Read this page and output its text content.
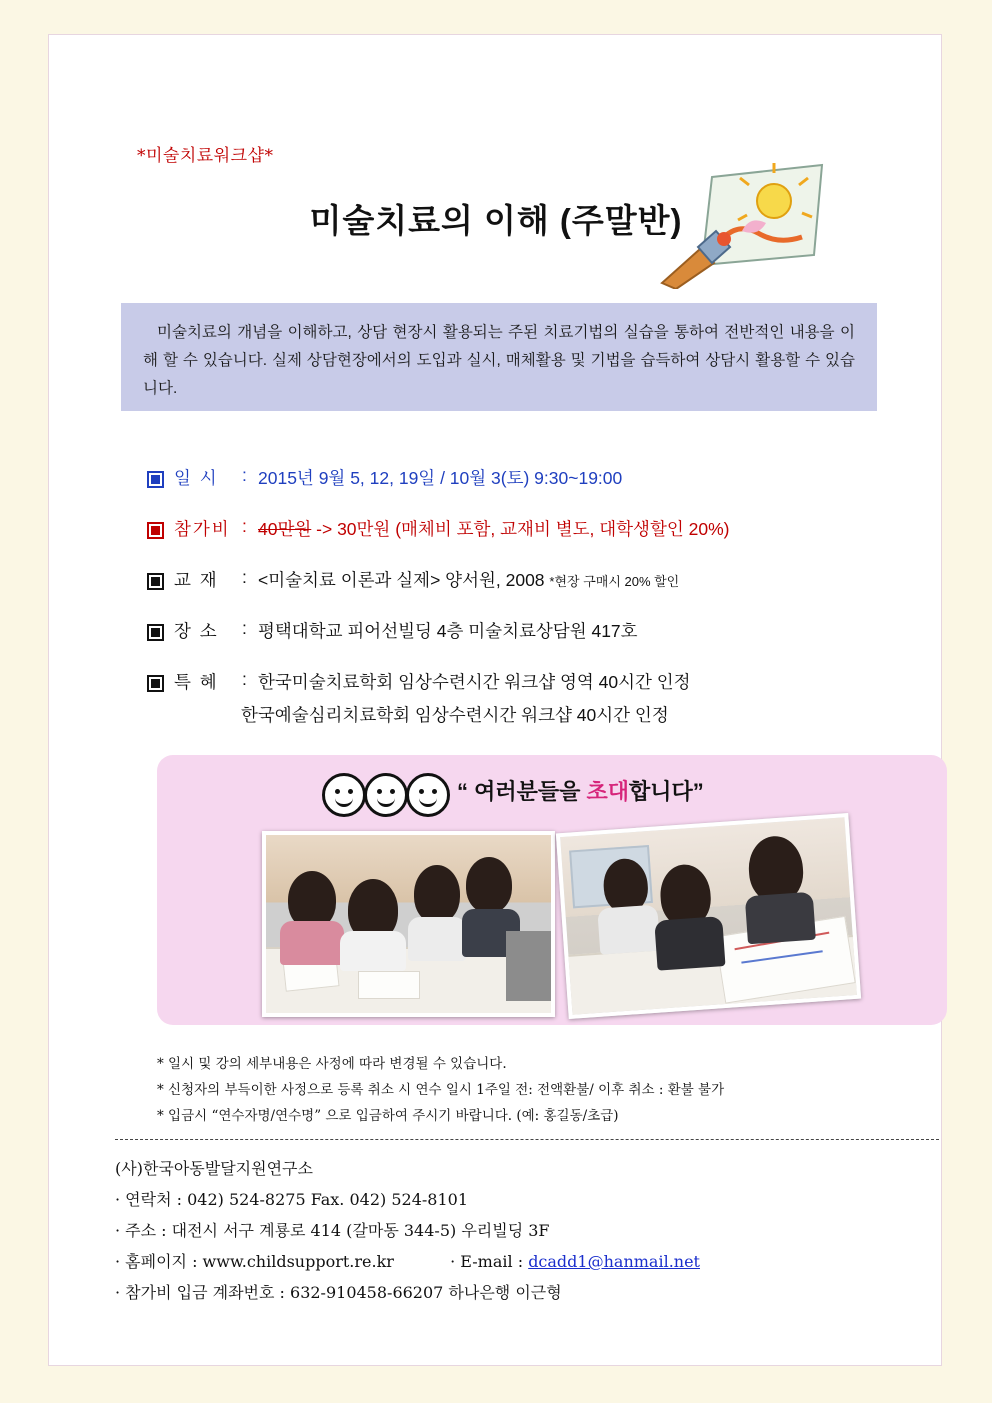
*미술치료워크샵*
미술치료의 이해 (주말반)

미술치료의 개념을 이해하고, 상담 현장시 활용되는 주된 치료기법의 실습을 통하여 전반적인 내용을 이해 할 수 있습니다. 실제 상담현장에서의 도입과 실시, 매체활용 및 기법을 습득하여 상담시 활용할 수 있습니다.

일 시	: 2015년 9월 5, 12, 19일 / 10월 3(토) 9:30~19:00
참가비 : 40만원 -> 30만원 (매체비 포함, 교재비 별도, 대학생할인 20%)
교 재	: <미술치료 이론과 실제> 양서원, 2008 *현장 구매시 20% 할인
장 소	: 평택대학교 피어선빌딩 4층 미술치료상담원 417호
특 혜	: 한국미술치료학회 임상수련시간 워크샵 영역 40시간 인정
한국예술심리치료학회 임상수련시간 워크샵 40시간 인정
“ 여러분들을 초대합니다”
* 일시 및 강의 세부내용은 사정에 따라 변경될 수 있습니다.
* 신청자의 부득이한 사정으로 등록 취소 시 연수 일시 1주일 전: 전액환불/ 이후 취소 : 환불 불가
* 입금시 “연수자명/연수명” 으로 입금하여 주시기 바랍니다. (예: 홍길동/초급)
(사)한국아동발달지원연구소
· 연락처 : 042) 524-8275 Fax. 042) 524-8101
· 주소 : 대전시 서구 계룡로 414 (갈마동 344-5) 우리빌딩 3F
· 홈페이지 : www.childsupport.re.kr	· E-mail : dcadd1@hanmail.net
· 참가비 입금 계좌번호 : 632-910458-66207 하나은행 이근형
